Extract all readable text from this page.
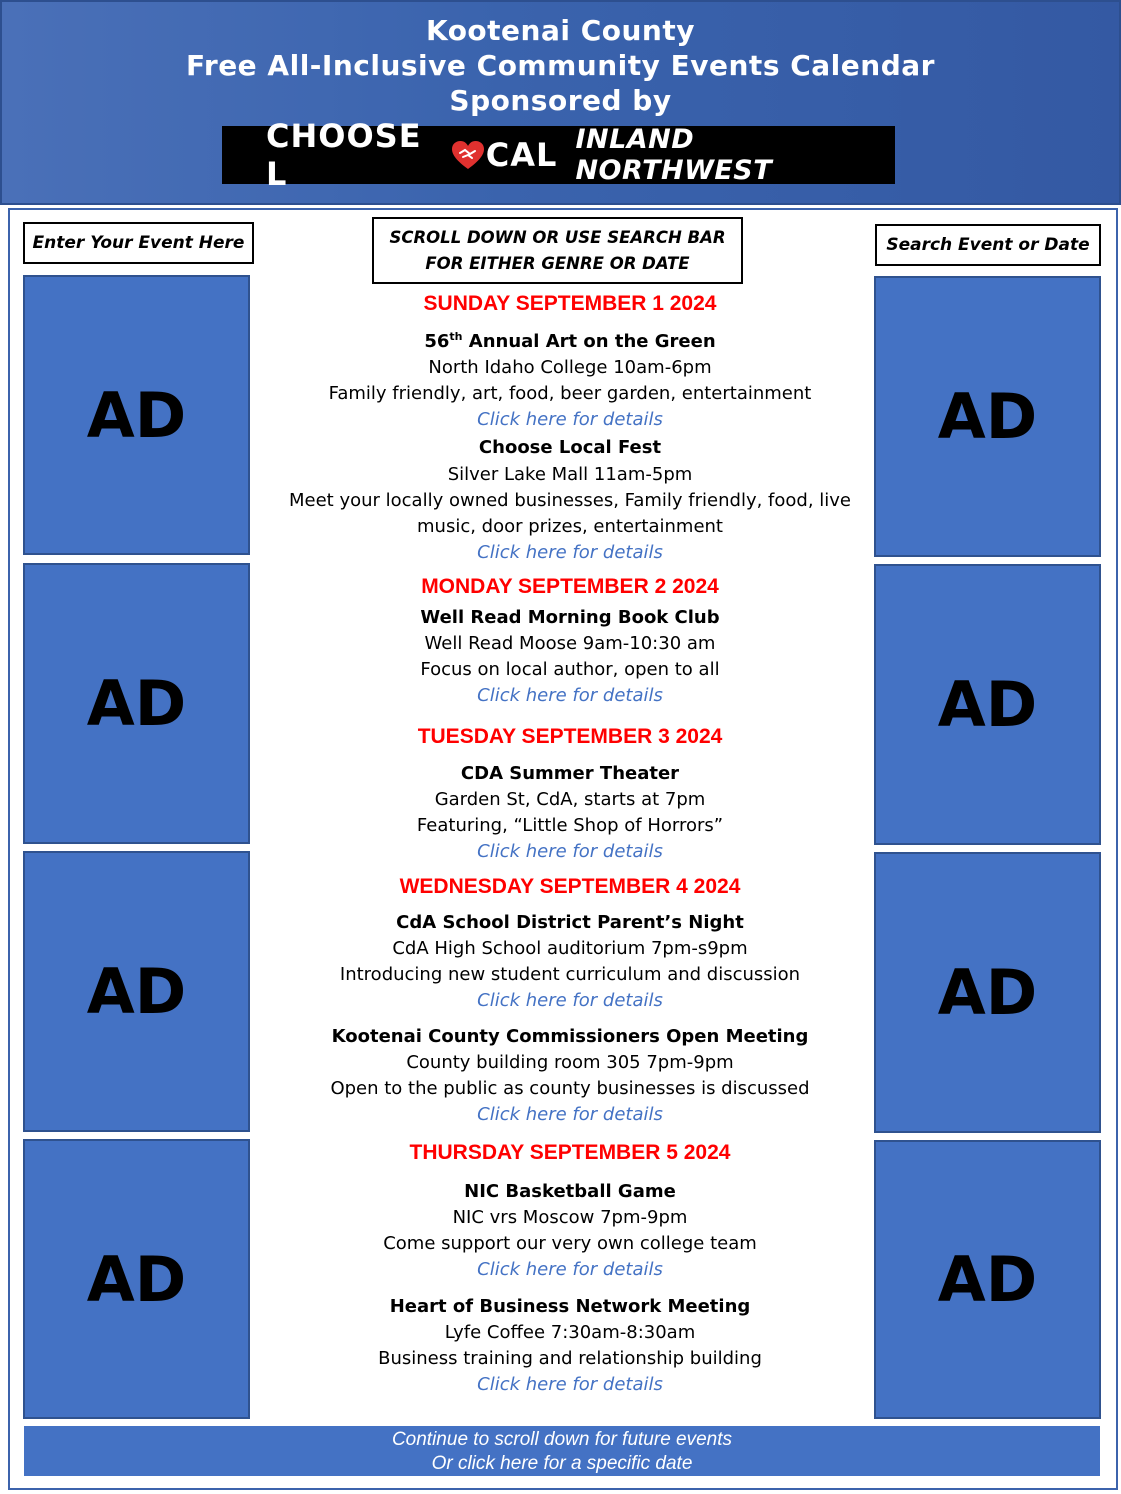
Kootenai County
Free All-Inclusive Community Events Calendar
Sponsored by
CHOOSE L	CAL INLAND NORTHWEST
Enter Your Event Here	SCROLL DOWN OR USE SEARCH BAR
FOR EITHER GENRE OR DATE
Search Event or Date
AD
AD
AD
AD
AD
AD
AD
AD
SUNDAY SEPTEMBER 1 2024
56th Annual Art on the Green
North Idaho College 10am-6pm
Family friendly, art, food, beer garden, entertainment
Click here for details
Choose Local Fest
Silver Lake Mall 11am-5pm
Meet your locally owned businesses, Family friendly, food, live
music, door prizes, entertainment
Click here for details
MONDAY SEPTEMBER 2 2024
Well Read Morning Book Club
Well Read Moose 9am-10:30 am
Focus on local author, open to all
Click here for details
TUESDAY SEPTEMBER 3 2024
CDA Summer Theater
Garden St, CdA, starts at 7pm
Featuring, “Little Shop of Horrors”
Click here for details
WEDNESDAY SEPTEMBER 4 2024
CdA School District Parent’s Night
CdA High School auditorium 7pm-s9pm
Introducing new student curriculum and discussion
Click here for details
Kootenai County Commissioners Open Meeting
County building room 305 7pm-9pm
Open to the public as county businesses is discussed
Click here for details
THURSDAY SEPTEMBER 5 2024
NIC Basketball Game
NIC vrs Moscow 7pm-9pm
Come support our very own college team
Click here for details
Heart of Business Network Meeting
Lyfe Coffee 7:30am-8:30am
Business training and relationship building
Click here for details
Continue to scroll down for future events
Or click here for a specific date
